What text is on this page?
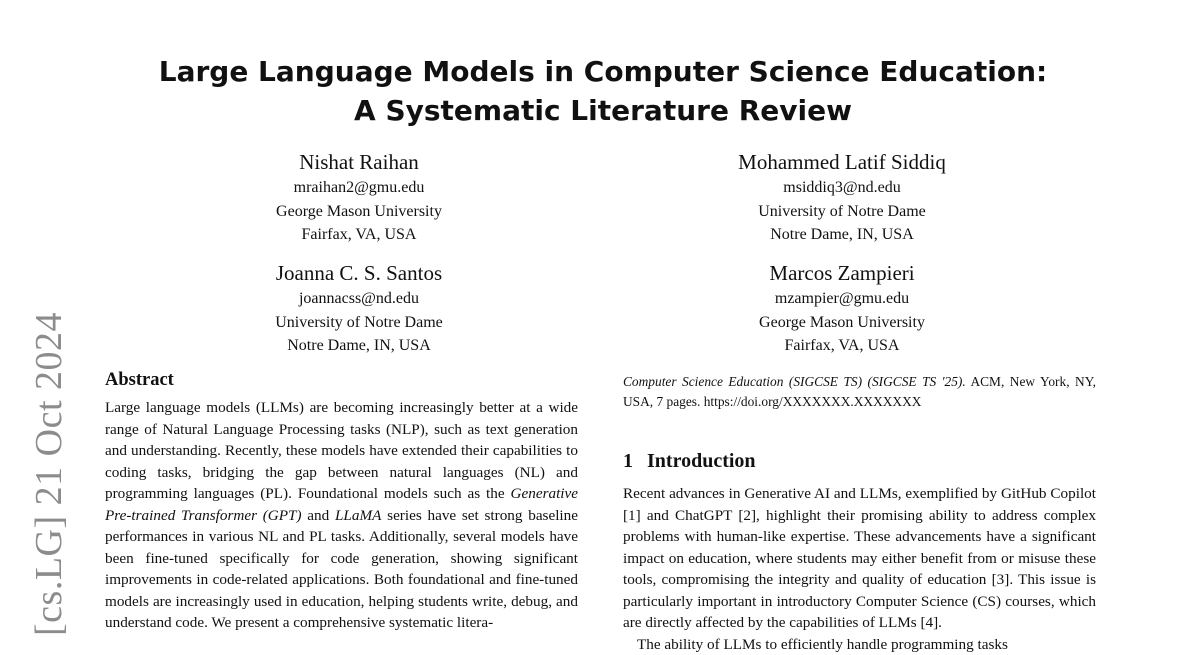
[cs.LG] 21 Oct 2024
Large Language Models in Computer Science Education:
A Systematic Literature Review
Nishat Raihan
mraihan2@gmu.edu
George Mason University
Fairfax, VA, USA
Mohammed Latif Siddiq
msiddiq3@nd.edu
University of Notre Dame
Notre Dame, IN, USA
Joanna C. S. Santos
joannacss@nd.edu
University of Notre Dame
Notre Dame, IN, USA
Marcos Zampieri
mzampier@gmu.edu
George Mason University
Fairfax, VA, USA
Abstract

Large language models (LLMs) are becoming increasingly better at a wide range of Natural Language Processing tasks (NLP), such as text generation and understanding. Recently, these models have extended their capabilities to coding tasks, bridging the gap between natural languages (NL) and programming languages (PL). Foundational models such as the Generative Pre-trained Transformer (GPT) and LLaMA series have set strong baseline performances in various NL and PL tasks. Additionally, several models have been fine-tuned specifically for code generation, showing significant improvements in code-related applications. Both foundational and fine-tuned models are increasingly used in education, helping students write, debug, and understand code. We present a comprehensive systematic litera-

Computer Science Education (SIGCSE TS) (SIGCSE TS '25). ACM, New York, NY, USA, 7 pages. https://doi.org/XXXXXXX.XXXXXXX

1 Introduction

Recent advances in Generative AI and LLMs, exemplified by GitHub Copilot [1] and ChatGPT [2], highlight their promising ability to address complex problems with human-like expertise. These advancements have a significant impact on education, where students may either benefit from or misuse these tools, compromising the integrity and quality of education [3]. This issue is particularly important in introductory Computer Science (CS) courses, which are directly affected by the capabilities of LLMs [4].

The ability of LLMs to efficiently handle programming tasks
